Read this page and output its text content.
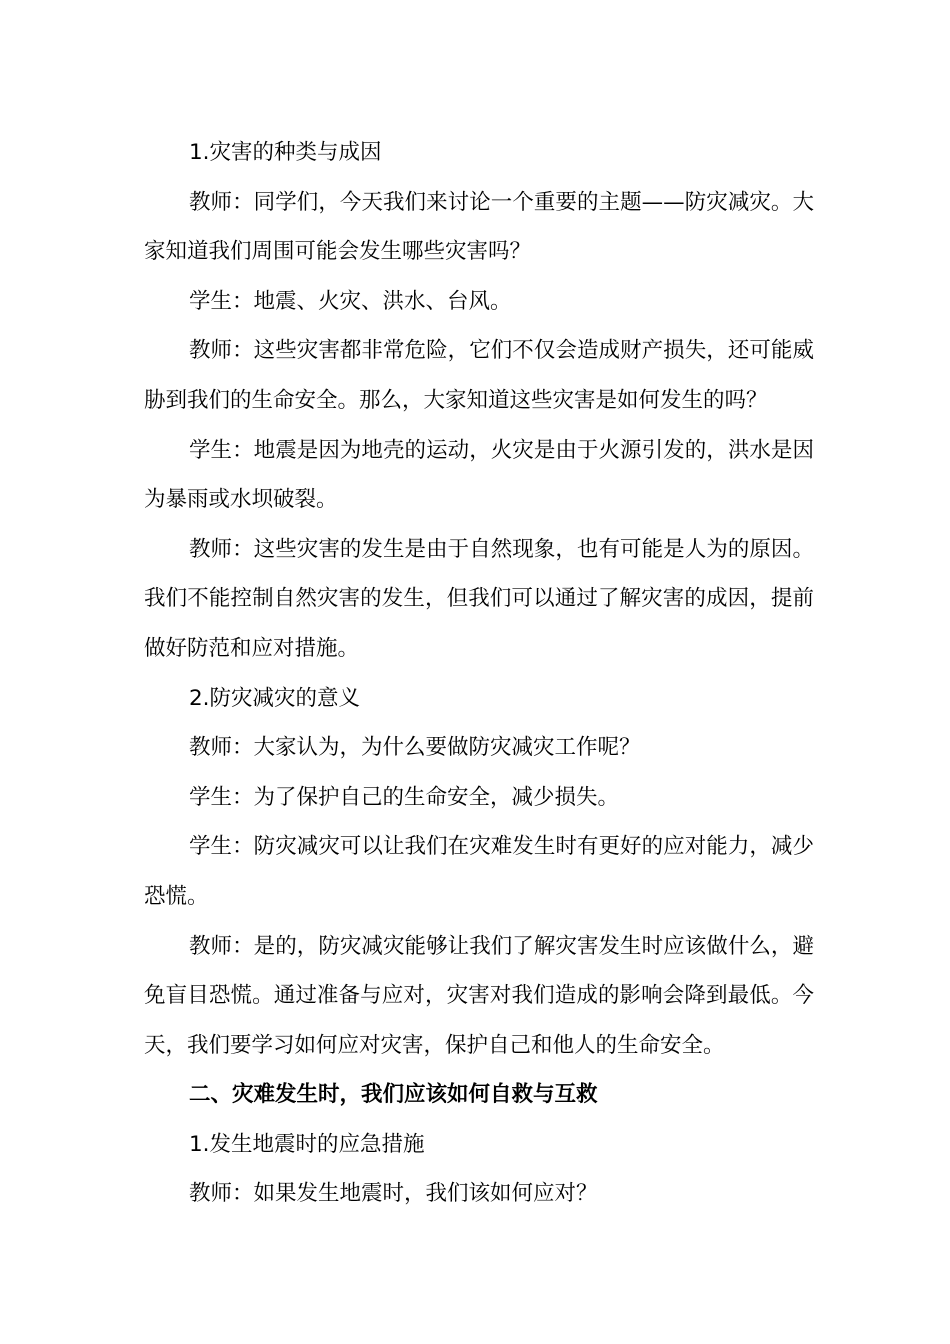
1.灾害的种类与成因

教师：同学们，今天我们来讨论一个重要的主题——防灾减灾。大家知道我们周围可能会发生哪些灾害吗？

学生：地震、火灾、洪水、台风。

教师：这些灾害都非常危险，它们不仅会造成财产损失，还可能威胁到我们的生命安全。那么，大家知道这些灾害是如何发生的吗？

学生：地震是因为地壳的运动，火灾是由于火源引发的，洪水是因为暴雨或水坝破裂。

教师：这些灾害的发生是由于自然现象，也有可能是人为的原因。我们不能控制自然灾害的发生，但我们可以通过了解灾害的成因，提前做好防范和应对措施。

2.防灾减灾的意义

教师：大家认为，为什么要做防灾减灾工作呢？

学生：为了保护自己的生命安全，减少损失。

学生：防灾减灾可以让我们在灾难发生时有更好的应对能力，减少恐慌。

教师：是的，防灾减灾能够让我们了解灾害发生时应该做什么，避免盲目恐慌。通过准备与应对，灾害对我们造成的影响会降到最低。今天，我们要学习如何应对灾害，保护自己和他人的生命安全。

二、灾难发生时，我们应该如何自救与互救

1.发生地震时的应急措施

教师：如果发生地震时，我们该如何应对？
